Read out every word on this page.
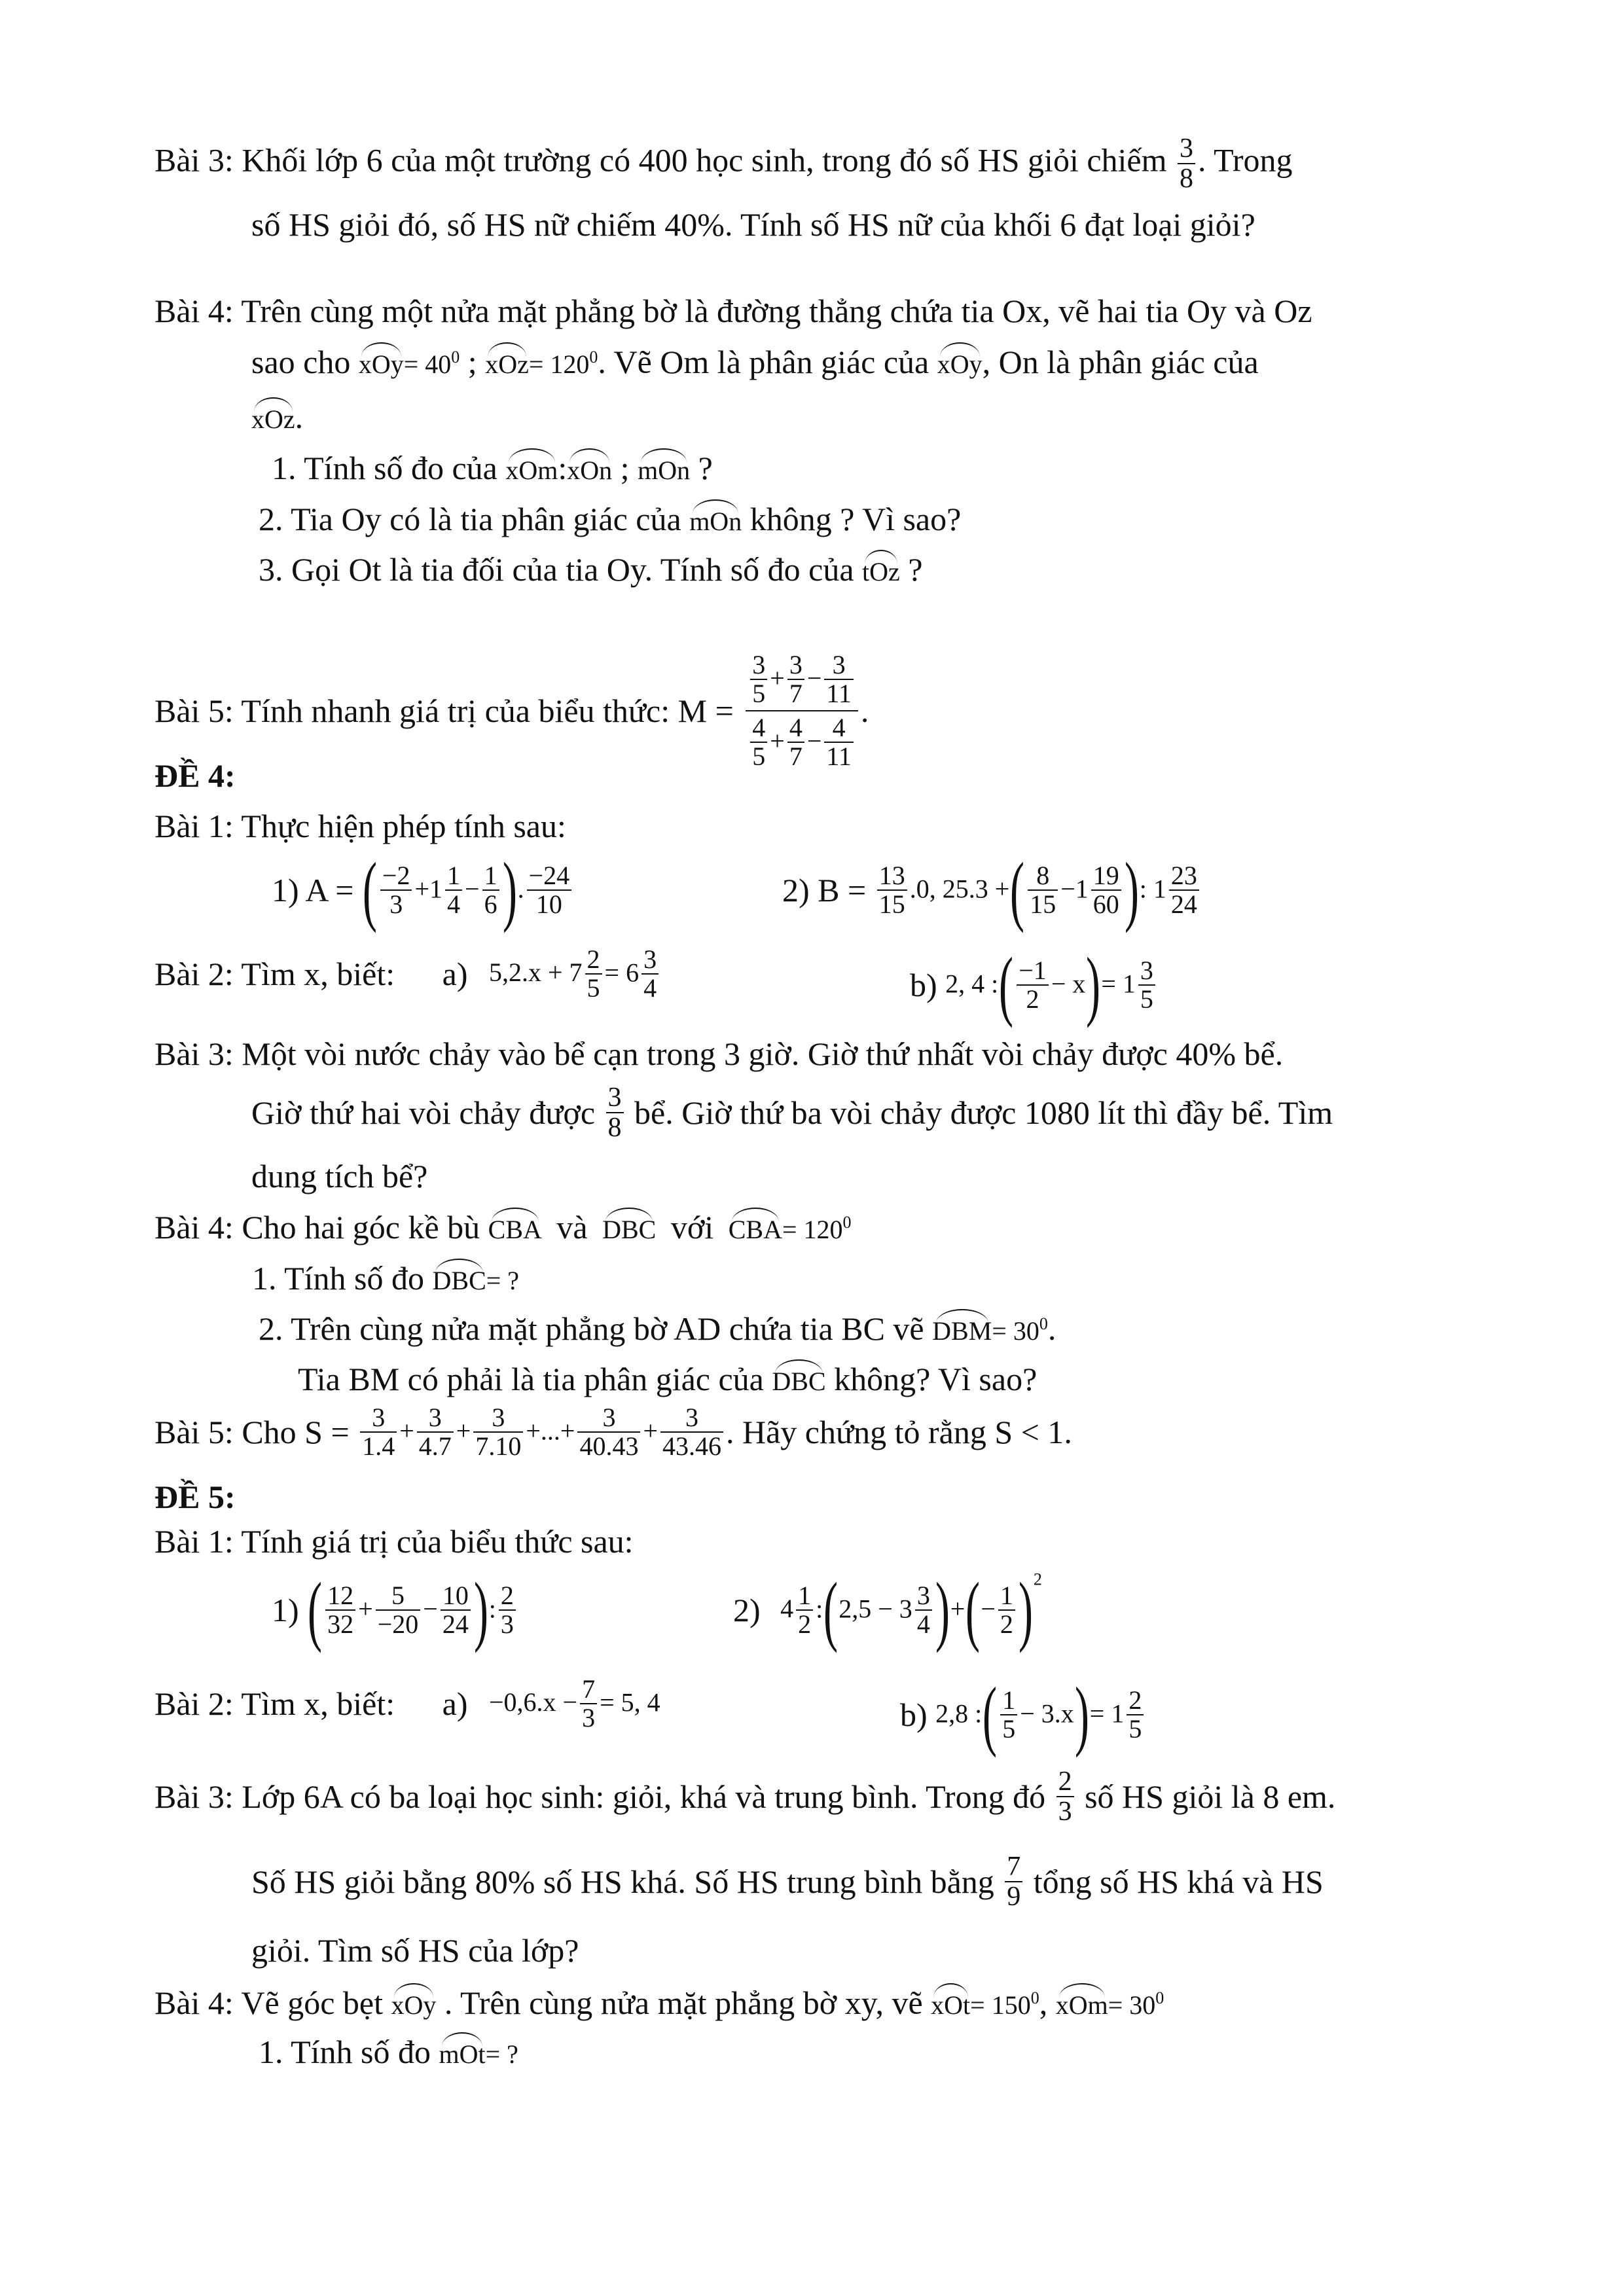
Bài 3: Khối lớp 6 của một trường có 400 học sinh, trong đó số HS giỏi chiếm $\frac{3}{8}$ . Trong
số HS giỏi đó, số HS nữ chiếm 40%. Tính số HS nữ của khối 6 đạt loại giỏi?
Bài 4: Trên cùng một nửa mặt phẳng bờ là đường thẳng chứa tia Ox, vẽ hai tia Oy và Oz
sao cho $xOy= 40^0$ ; $xOz= 120^0$. Vẽ Om là phân giác của xOy, On là phân giác của
xOz.
1. Tính số đo của xOm:xOn ; mOn ?
2. Tia Oy có là tia phân giác của mOn không ? Vì sao?
3. Gọi Ot là tia đối của tia Oy. Tính số đo của tOz ?
Bài 5: Tính nhanh giá trị của biểu thức: $M = \frac{\frac{3}{5} + \frac{3}{7} - \frac{3}{11}}{\frac{4}{5} + \frac{4}{7} - \frac{4}{11}}$ .
ĐỀ 4:
Bài 1: Thực hiện phép tính sau:
1) A = ( $\frac{-2}{3} +1 \frac{1}{4} - \frac{1}{6}$ ). $\frac{-24}{10}$	2) $B = \frac{13}{15} .0$, 25.3 +( $\frac{8}{15} -1 \frac{19}{60}$ ): $1 \frac{23}{24}$
Bài 2: Tìm x, biết: a) $5,2.x + 7 \frac{2}{5} = 6 \frac{3}{4}$	b) 2, 4 :( $\frac{-1}{2} - x)= 1 \frac{3}{5}$
Bài 3: Một vòi nước chảy vào bể cạn trong 3 giờ. Giờ thứ nhất vòi chảy được 40% bể.
Giờ thứ hai vòi chảy được $\frac{3}{8}$ bể. Giờ thứ ba vòi chảy được 1080 lít thì đầy bể. Tìm
dung tích bể?
Bài 4: Cho hai góc kề bù CBA và DBC với $CBA= 120^0$
1. Tính số đo DBC= ?
2. Trên cùng nửa mặt phẳng bờ AD chứa tia BC vẽ $DBM= 30^0$.
Tia BM có phải là tia phân giác của DBC không? Vì sao?
Bài 5: Cho $S = \frac{3}{1.4} + \frac{3}{4.7} + \frac{3}{7.10}$ +...+ $\frac{3}{40.43} + \frac{3}{43.46}$ . Hãy chứng tỏ rằng S < 1.
ĐỀ 5:
Bài 1: Tính giá trị của biểu thức sau:
1) ( $\frac{12}{32} + \frac{5}{-20} - \frac{10}{24}$ ): $\frac{2}{3}$	2) $4 \frac{1}{2}$ :(2,5 − $3 \frac{3}{4}$ )+(− $\frac{1}{2} )^2$
Bài 2: Tìm x, biết: $a) -0,6.x - \frac{7}{3} = 5$, 4	b) 2,8 :( $\frac{1}{5} - 3.x)= 1 \frac{2}{5}$
Bài 3: Lớp 6A có ba loại học sinh: giỏi, khá và trung bình. Trong đó $\frac{2}{3}$ số HS giỏi là 8 em.
Số HS giỏi bằng 80% số HS khá. Số HS trung bình bằng $\frac{7}{9}$ tổng số HS khá và HS
giỏi. Tìm số HS của lớp?
Bài 4: Vẽ góc bẹt xOy . Trên cùng nửa mặt phẳng bờ xy, vẽ $xOt= 150^0$, $xOm= 30^0$
1. Tính số đo mOt= ?
